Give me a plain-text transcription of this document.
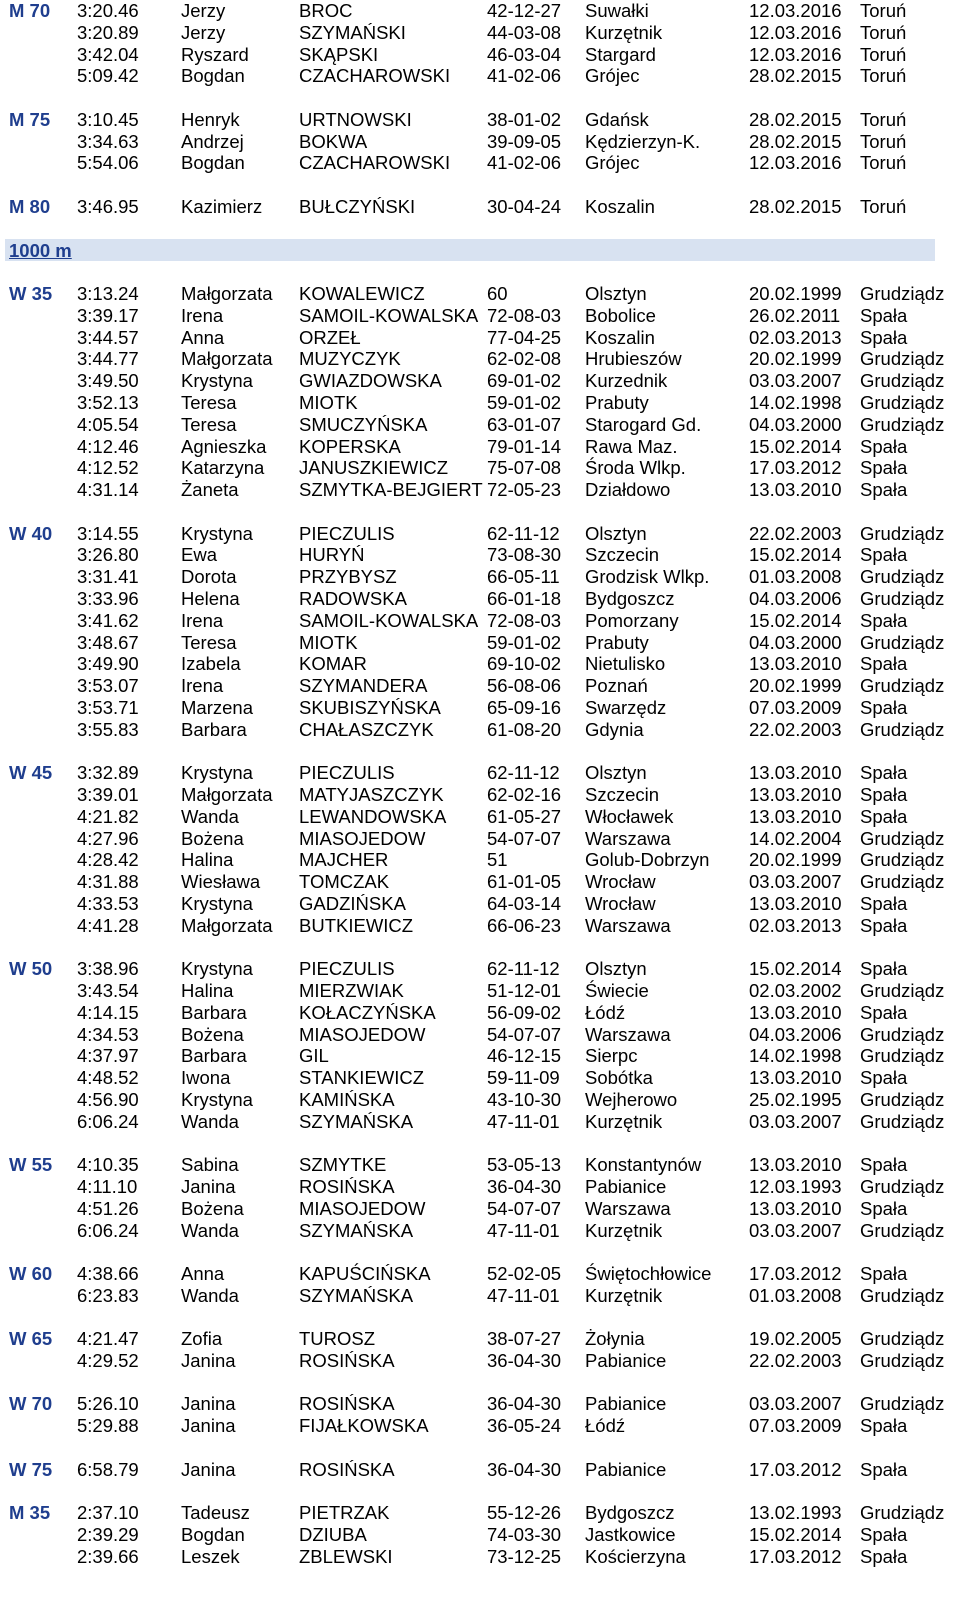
M 70 3:20.46 Jerzy	BROC	42-12-27 Suwałki	12.03.2016 Toruń
3:20.89 Jerzy	SZYMAŃSKI	44-03-08 Kurzętnik	12.03.2016 Toruń
3:42.04 Ryszard	SKĄPSKI	46-03-04 Stargard	12.03.2016 Toruń
5:09.42 Bogdan	CZACHAROWSKI 41-02-06 Grójec	28.02.2015 Toruń
M 75 3:10.45 Henryk	URTNOWSKI	38-01-02 Gdańsk	28.02.2015 Toruń
3:34.63 Andrzej	BOKWA	39-09-05 Kędzierzyn-K.	28.02.2015 Toruń
5:54.06 Bogdan	CZACHAROWSKI 41-02-06 Grójec	12.03.2016 Toruń
M 80 3:46.95 Kazimierz BUŁCZYŃSKI	30-04-24 Koszalin	28.02.2015 Toruń
1000 m
W 35 3:13.24 Małgorzata KOWALEWICZ	60	Olsztyn	20.02.1999 Grudziądz
3:39.17 Irena	SAMOIL-KOWALSKA 72-08-03 Bobolice	26.02.2011 Spała
3:44.57 Anna	ORZEŁ	77-04-25 Koszalin	02.03.2013 Spała
3:44.77 Małgorzata MUZYCZYK	62-02-08 Hrubieszów	20.02.1999 Grudziądz
3:49.50 Krystyna GWIAZDOWSKA 69-01-02 Kurzednik	03.03.2007 Grudziądz
3:52.13 Teresa	MIOTK	59-01-02 Prabuty	14.02.1998 Grudziądz
4:05.54 Teresa	SMUCZYŃSKA	63-01-07 Starogard Gd.	04.03.2000 Grudziądz
4:12.46 Agnieszka KOPERSKA	79-01-14 Rawa Maz.	15.02.2014 Spała
4:12.52 Katarzyna JANUSZKIEWICZ 75-07-08 Środa Wlkp.	17.03.2012 Spała
4:31.14 Żaneta	SZMYTKA-BEJGIERT 72-05-23 Działdowo	13.03.2010 Spała
W 40 3:14.55 Krystyna PIECZULIS	62-11-12 Olsztyn	22.02.2003 Grudziądz
3:26.80 Ewa	HURYŃ	73-08-30 Szczecin	15.02.2014 Spała
3:31.41 Dorota	PRZYBYSZ	66-05-11 Grodzisk Wlkp. 01.03.2008 Grudziądz
3:33.96 Helena	RADOWSKA	66-01-18 Bydgoszcz	04.03.2006 Grudziądz
3:41.62 Irena	SAMOIL-KOWALSKA 72-08-03 Pomorzany	15.02.2014 Spała
3:48.67 Teresa	MIOTK	59-01-02 Prabuty	04.03.2000 Grudziądz
3:49.90 Izabela	KOMAR	69-10-02 Nietulisko	13.03.2010 Spała
3:53.07 Irena	SZYMANDERA	56-08-06 Poznań	20.02.1999 Grudziądz
3:53.71 Marzena SKUBISZYŃSKA 65-09-16 Swarzędz	07.03.2009 Spała
3:55.83 Barbara	CHAŁASZCZYK	61-08-20 Gdynia	22.02.2003 Grudziądz
W 45 3:32.89 Krystyna PIECZULIS	62-11-12 Olsztyn	13.03.2010 Spała
3:39.01 Małgorzata MATYJASZCZYK 62-02-16 Szczecin	13.03.2010 Spała
4:21.82 Wanda	LEWANDOWSKA 61-05-27 Włocławek	13.03.2010 Spała
4:27.96 Bożena	MIASOJEDOW	54-07-07 Warszawa	14.02.2004 Grudziądz
4:28.42 Halina	MAJCHER	51	Golub-Dobrzyn 20.02.1999 Grudziądz
4:31.88 Wiesława TOMCZAK	61-01-05 Wrocław	03.03.2007 Grudziądz
4:33.53 Krystyna GADZIŃSKA	64-03-14 Wrocław	13.03.2010 Spała
4:41.28 Małgorzata BUTKIEWICZ	66-06-23 Warszawa	02.03.2013 Spała
W 50 3:38.96 Krystyna PIECZULIS	62-11-12 Olsztyn	15.02.2014 Spała
3:43.54 Halina	MIERZWIAK	51-12-01 Świecie	02.03.2002 Grudziądz
4:14.15 Barbara	KOŁACZYŃSKA	56-09-02 Łódź	13.03.2010 Spała
4:34.53 Bożena	MIASOJEDOW	54-07-07 Warszawa	04.03.2006 Grudziądz
4:37.97 Barbara	GIL	46-12-15 Sierpc	14.02.1998 Grudziądz
4:48.52 Iwona	STANKIEWICZ	59-11-09 Sobótka	13.03.2010 Spała
4:56.90 Krystyna KAMIŃSKA	43-10-30 Wejherowo	25.02.1995 Grudziądz
6:06.24 Wanda	SZYMAŃSKA	47-11-01 Kurzętnik	03.03.2007 Grudziądz
W 55 4:10.35 Sabina	SZMYTKE	53-05-13 Konstantynów	13.03.2010 Spała
4:11.10 Janina	ROSIŃSKA	36-04-30 Pabianice	12.03.1993 Grudziądz
4:51.26 Bożena	MIASOJEDOW	54-07-07 Warszawa	13.03.2010 Spała
6:06.24 Wanda	SZYMAŃSKA	47-11-01 Kurzętnik	03.03.2007 Grudziądz
W 60 4:38.66 Anna	KAPUŚCIŃSKA	52-02-05 Świętochłowice 17.03.2012 Spała
6:23.83 Wanda	SZYMAŃSKA	47-11-01 Kurzętnik	01.03.2008 Grudziądz
W 65 4:21.47 Zofia	TUROSZ	38-07-27 Żołynia	19.02.2005 Grudziądz
4:29.52 Janina	ROSIŃSKA	36-04-30 Pabianice	22.02.2003 Grudziądz
W 70 5:26.10 Janina	ROSIŃSKA	36-04-30 Pabianice	03.03.2007 Grudziądz
5:29.88 Janina	FIJAŁKOWSKA	36-05-24 Łódź	07.03.2009 Spała
W 75 6:58.79 Janina	ROSIŃSKA	36-04-30 Pabianice	17.03.2012 Spała
M 35 2:37.10 Tadeusz	PIETRZAK	55-12-26 Bydgoszcz	13.02.1993 Grudziądz
2:39.29 Bogdan	DZIUBA	74-03-30 Jastkowice	15.02.2014 Spała
2:39.66 Leszek	ZBLEWSKI	73-12-25 Kościerzyna	17.03.2012 Spała
